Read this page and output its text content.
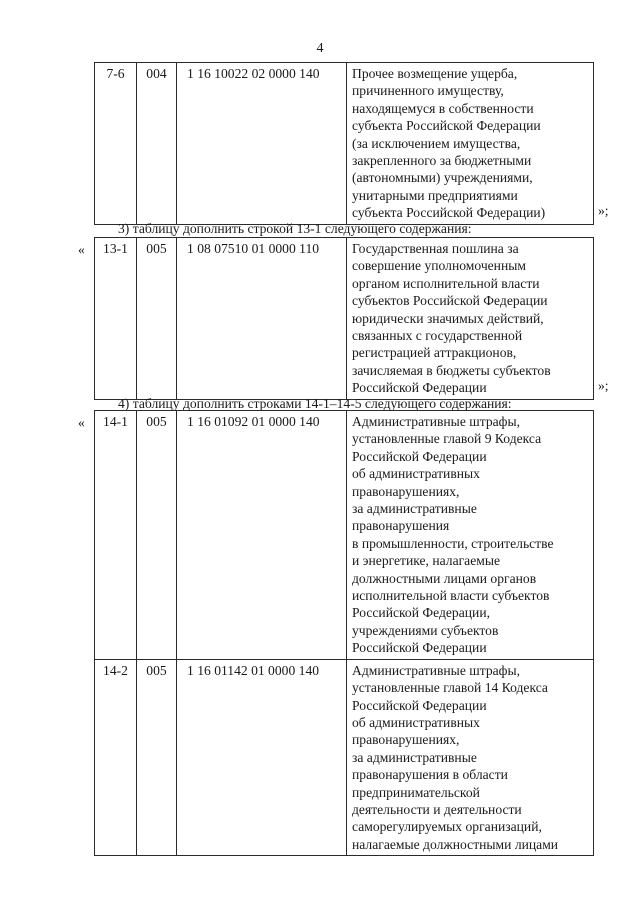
4
7-6	004	1 16 10022 02 0000 140	Прочее возмещение ущерба,
причиненного имуществу,
находящемуся в собственности
субъекта Российской Федерации
(за исключением имущества,
закрепленного за бюджетными
(автономными) учреждениями,
унитарными предприятиями
субъекта Российской Федерации)	»;
3) таблицу дополнить строкой 13-1 следующего содержания:
«	13-1	005	1 08 07510 01 0000 110	Государственная пошлина за
совершение уполномоченным
органом исполнительной власти
субъектов Российской Федерации
юридически значимых действий,
связанных с государственной
регистрацией аттракционов,
зачисляемая в бюджеты субъектов
Российской Федерации	»;
4) таблицу дополнить строками 14-1–14-5 следующего содержания:
«	14-1	005	1 16 01092 01 0000 140	Административные штрафы,
установленные главой 9 Кодекса
Российской Федерации
об административных
правонарушениях,
за административные
правонарушения
в промышленности, строительстве
и энергетике, налагаемые
должностными лицами органов
исполнительной власти субъектов
Российской Федерации,
учреждениями субъектов
Российской Федерации
14-2	005	1 16 01142 01 0000 140	Административные штрафы,
установленные главой 14 Кодекса
Российской Федерации
об административных
правонарушениях,
за административные
правонарушения в области
предпринимательской
деятельности и деятельности
саморегулируемых организаций,
налагаемые должностными лицами
